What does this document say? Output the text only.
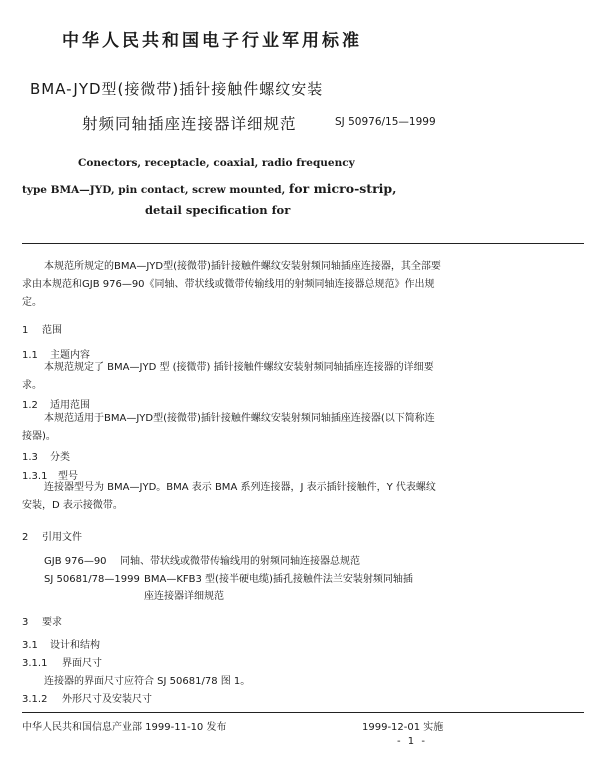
中华人民共和国电子行业军用标准
BMA-JYD型(接微带)插针接触件螺纹安装
射频同轴插座连接器详细规范	SJ 50976/15—1999
Conectors, receptacle, coaxial, radio frequency
type BMA—JYD, pin contact, screw mounted, for micro-strip,
detail specification for
本规范所规定的BMA—JYD型(接微带)插针接触件螺纹安装射频同轴插座连接器，其全部要求由本规范和GJB 976—90《同轴、带状线或微带传输线用的射频同轴连接器总规范》作出规定。
1 范围
1.1 主题内容
本规范规定了 BMA—JYD 型 (接微带) 插针接触件螺纹安装射频同轴插座连接器的详细要求。
1.2 适用范围
本规范适用于BMA—JYD型(接微带)插针接触件螺纹安装射频同轴插座连接器(以下简称连接器)。
1.3 分类
1.3.1 型号
连接器型号为 BMA—JYD。BMA 表示 BMA 系列连接器，J 表示插针接触件，Y 代表螺纹安装，D 表示接微带。
2 引用文件
GJB 976—90 同轴、带状线或微带传输线用的射频同轴连接器总规范
SJ 50681/78—1999 BMA—KFB3 型(接半硬电缆)插孔接触件法兰安装射频同轴插
座连接器详细规范
3 要求
3.1 设计和结构
3.1.1 界面尺寸
连接器的界面尺寸应符合 SJ 50681/78 图 1。
3.1.2 外形尺寸及安装尺寸
中华人民共和国信息产业部 1999-11-10 发布	1999-12-01 实施
- 1 -
